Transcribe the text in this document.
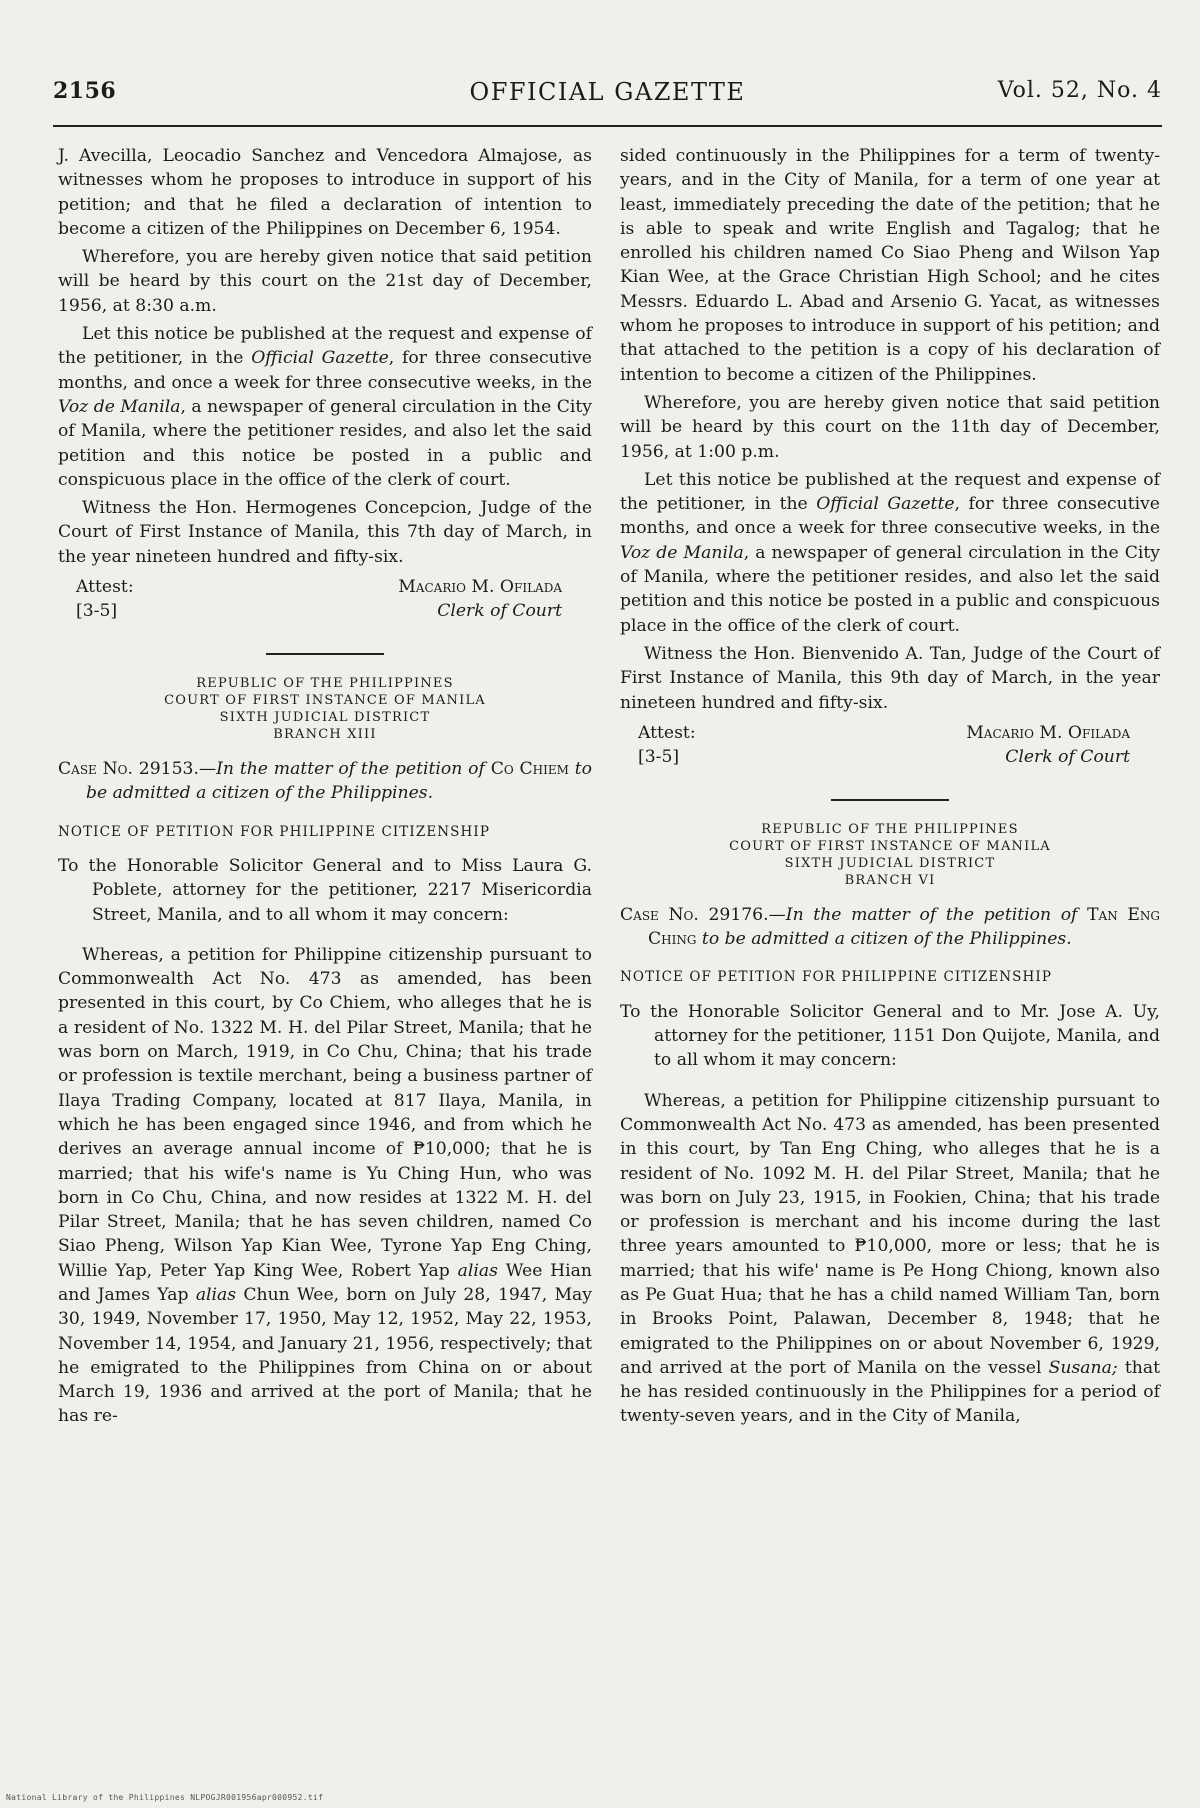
2156	OFFICIAL GAZETTE	Vol. 52, No. 4

J. Avecilla, Leocadio Sanchez and Vencedora Almajose, as witnesses whom he proposes to introduce in support of his petition; and that he filed a declaration of intention to become a citizen of the Philippines on December 6, 1954.

Wherefore, you are hereby given notice that said petition will be heard by this court on the 21st day of December, 1956, at 8:30 a.m.

Let this notice be published at the request and expense of the petitioner, in the Official Gazette, for three consecutive months, and once a week for three consecutive weeks, in the Voz de Manila, a newspaper of general circulation in the City of Manila, where the petitioner resides, and also let the said petition and this notice be posted in a public and conspicuous place in the office of the clerk of court.

Witness the Hon. Hermogenes Concepcion, Judge of the Court of First Instance of Manila, this 7th day of March, in the year nineteen hundred and fifty-six.

Attest:
[3-5]
Macario M. Ofilada
Clerk of Court
REPUBLIC OF THE PHILIPPINES
COURT OF FIRST INSTANCE OF MANILA
SIXTH JUDICIAL DISTRICT
BRANCH XIII

Case No. 29153.—In the matter of the petition of Co Chiem to be admitted a citizen of the Philippines.

NOTICE OF PETITION FOR PHILIPPINE CITIZENSHIP

To the Honorable Solicitor General and to Miss Laura G. Poblete, attorney for the petitioner, 2217 Misericordia Street, Manila, and to all whom it may concern:

Whereas, a petition for Philippine citizenship pursuant to Commonwealth Act No. 473 as amended, has been presented in this court, by Co Chiem, who alleges that he is a resident of No. 1322 M. H. del Pilar Street, Manila; that he was born on March, 1919, in Co Chu, China; that his trade or profession is textile merchant, being a business partner of Ilaya Trading Company, located at 817 Ilaya, Manila, in which he has been engaged since 1946, and from which he derives an average annual income of ₱10,000; that he is married; that his wife's name is Yu Ching Hun, who was born in Co Chu, China, and now resides at 1322 M. H. del Pilar Street, Manila; that he has seven children, named Co Siao Pheng, Wilson Yap Kian Wee, Tyrone Yap Eng Ching, Willie Yap, Peter Yap King Wee, Robert Yap alias Wee Hian and James Yap alias Chun Wee, born on July 28, 1947, May 30, 1949, November 17, 1950, May 12, 1952, May 22, 1953, November 14, 1954, and January 21, 1956, respectively; that he emigrated to the Philippines from China on or about March 19, 1936 and arrived at the port of Manila; that he has re-

sided continuously in the Philippines for a term of twenty-years, and in the City of Manila, for a term of one year at least, immediately preceding the date of the petition; that he is able to speak and write English and Tagalog; that he enrolled his children named Co Siao Pheng and Wilson Yap Kian Wee, at the Grace Christian High School; and he cites Messrs. Eduardo L. Abad and Arsenio G. Yacat, as witnesses whom he proposes to introduce in support of his petition; and that attached to the petition is a copy of his declaration of intention to become a citizen of the Philippines.

Wherefore, you are hereby given notice that said petition will be heard by this court on the 11th day of December, 1956, at 1:00 p.m.

Let this notice be published at the request and expense of the petitioner, in the Official Gazette, for three consecutive months, and once a week for three consecutive weeks, in the Voz de Manila, a newspaper of general circulation in the City of Manila, where the petitioner resides, and also let the said petition and this notice be posted in a public and conspicuous place in the office of the clerk of court.

Witness the Hon. Bienvenido A. Tan, Judge of the Court of First Instance of Manila, this 9th day of March, in the year nineteen hundred and fifty-six.

Attest:
[3-5]
Macario M. Ofilada
Clerk of Court
REPUBLIC OF THE PHILIPPINES
COURT OF FIRST INSTANCE OF MANILA
SIXTH JUDICIAL DISTRICT
BRANCH VI

Case No. 29176.—In the matter of the petition of Tan Eng Ching to be admitted a citizen of the Philippines.

NOTICE OF PETITION FOR PHILIPPINE CITIZENSHIP

To the Honorable Solicitor General and to Mr. Jose A. Uy, attorney for the petitioner, 1151 Don Quijote, Manila, and to all whom it may concern:

Whereas, a petition for Philippine citizenship pursuant to Commonwealth Act No. 473 as amended, has been presented in this court, by Tan Eng Ching, who alleges that he is a resident of No. 1092 M. H. del Pilar Street, Manila; that he was born on July 23, 1915, in Fookien, China; that his trade or profession is merchant and his income during the last three years amounted to ₱10,000, more or less; that he is married; that his wife' name is Pe Hong Chiong, known also as Pe Guat Hua; that he has a child named William Tan, born in Brooks Point, Palawan, December 8, 1948; that he emigrated to the Philippines on or about November 6, 1929, and arrived at the port of Manila on the vessel Susana; that he has resided continuously in the Philippines for a period of twenty-seven years, and in the City of Manila,

National Library of the Philippines NLPOGJR001956apr000952.tif
